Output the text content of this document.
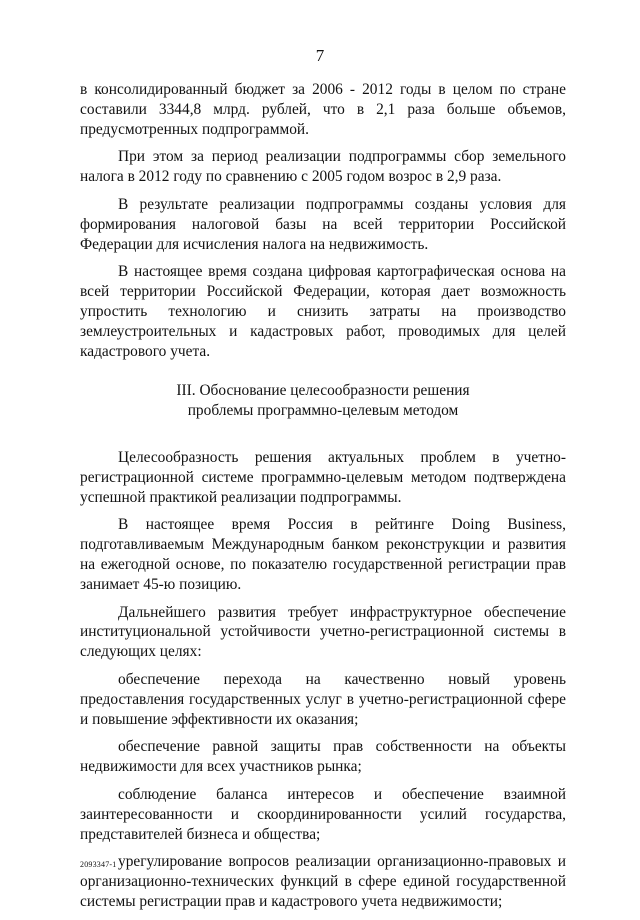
7

в консолидированный бюджет за 2006 - 2012 годы в целом по стране составили 3344,8 млрд. рублей, что в 2,1 раза больше объемов, предусмотренных подпрограммой.

При этом за период реализации подпрограммы сбор земельного налога в 2012 году по сравнению с 2005 годом возрос в 2,9 раза.

В результате реализации подпрограммы созданы условия для формирования налоговой базы на всей территории Российской Федерации для исчисления налога на недвижимость.

В настоящее время создана цифровая картографическая основа на всей территории Российской Федерации, которая дает возможность упростить технологию и снизить затраты на производство землеустроительных и кадастровых работ, проводимых для целей кадастрового учета.

III. Обоснование целесообразности решения
проблемы программно-целевым методом

Целесообразность решения актуальных проблем в учетно-регистрационной системе программно-целевым методом подтверждена успешной практикой реализации подпрограммы.

В настоящее время Россия в рейтинге Doing Business, подготавливаемым Международным банком реконструкции и развития на ежегодной основе, по показателю государственной регистрации прав занимает 45-ю позицию.

Дальнейшего развития требует инфраструктурное обеспечение институциональной устойчивости учетно-регистрационной системы в следующих целях:

обеспечение перехода на качественно новый уровень предоставления государственных услуг в учетно-регистрационной сфере и повышение эффективности их оказания;

обеспечение равной защиты прав собственности на объекты недвижимости для всех участников рынка;

соблюдение баланса интересов и обеспечение взаимной заинтересованности и скоординированности усилий государства, представителей бизнеса и общества;

урегулирование вопросов реализации организационно-правовых и организационно-технических функций в сфере единой государственной системы регистрации прав и кадастрового учета недвижимости;

2093347-1
